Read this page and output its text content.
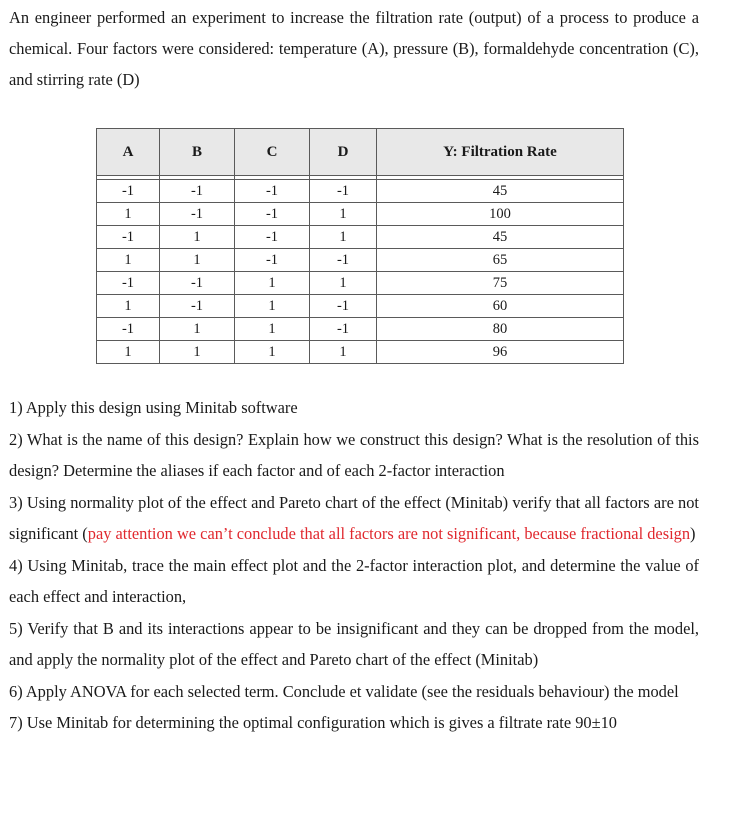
An engineer performed an experiment to increase the filtration rate (output) of a process to produce a chemical. Four factors were considered: temperature (A), pressure (B), formaldehyde concentration (C), and stirring rate (D)

A	B	C	D	Y: Filtration Rate

-1	-1	-1	-1	45
1	-1	-1	1	100
-1	1	-1	1	45
1	1	-1	-1	65
-1	-1	1	1	75
1	-1	1	-1	60
-1	1	1	-1	80
1	1	1	1	96

1) Apply this design using Minitab software

2) What is the name of this design? Explain how we construct this design? What is the resolution of this design? Determine the aliases if each factor and of each 2-factor interaction

3) Using normality plot of the effect and Pareto chart of the effect (Minitab) verify that all factors are not significant (pay attention we can’t conclude that all factors are not significant, because fractional design)

4) Using Minitab, trace the main effect plot and the 2-factor interaction plot, and determine the value of each effect and interaction,

5) Verify that B and its interactions appear to be insignificant and they can be dropped from the model, and apply the normality plot of the effect and Pareto chart of the effect (Minitab)

6) Apply ANOVA for each selected term. Conclude et validate (see the residuals behaviour) the model

7) Use Minitab for determining the optimal configuration which is gives a filtrate rate 90±10
